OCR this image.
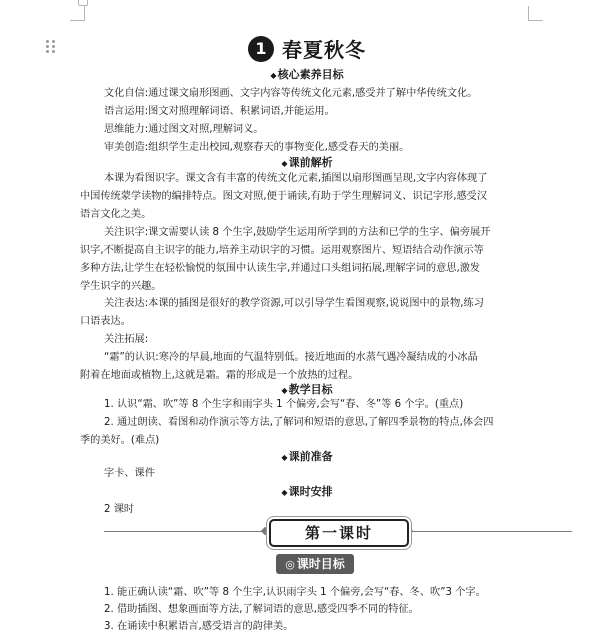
1 春夏秋冬
◆核心素养目标
文化自信:通过课文扇形图画、文字内容等传统文化元素,感受并了解中华传统文化。
语言运用:图文对照理解词语、积累词语,并能运用。
思维能力:通过图文对照,理解词义。
审美创造:组织学生走出校园,观察春天的事物变化,感受春天的美丽。
◆课前解析
本课为看图识字。课文含有丰富的传统文化元素,插图以扇形图画呈现,文字内容体现了
中国传统蒙学读物的编排特点。图文对照,便于诵读,有助于学生理解词义、识记字形,感受汉
语言文化之美。
关注识字:课文需要认读 8 个生字,鼓励学生运用所学到的方法和已学的生字、偏旁展开
识字,不断提高自主识字的能力,培养主动识字的习惯。运用观察图片、短语结合动作演示等
多种方法,让学生在轻松愉悦的氛围中认读生字,并通过口头组词拓展,理解字词的意思,激发
学生识字的兴趣。
关注表达:本课的插图是很好的教学资源,可以引导学生看图观察,说说图中的景物,练习
口语表达。
关注拓展:
“霜”的认识:寒冷的早晨,地面的气温特别低。接近地面的水蒸气遇冷凝结成的小冰晶
附着在地面或植物上,这就是霜。霜的形成是一个放热的过程。
◆教学目标
1. 认识“霜、吹”等 8 个生字和雨字头 1 个偏旁,会写“春、冬”等 6 个字。(重点)
2. 通过朗读、看图和动作演示等方法,了解词和短语的意思,了解四季景物的特点,体会四
季的美好。(难点)
◆课前准备
字卡、课件
◆课时安排
2 课时
第一课时
◎ 课时目标
1. 能正确认读“霜、吹”等 8 个生字,认识雨字头 1 个偏旁,会写“春、冬、吹”3 个字。
2. 借助插图、想象画面等方法,了解词语的意思,感受四季不同的特征。
3. 在诵读中积累语言,感受语言的韵律美。
